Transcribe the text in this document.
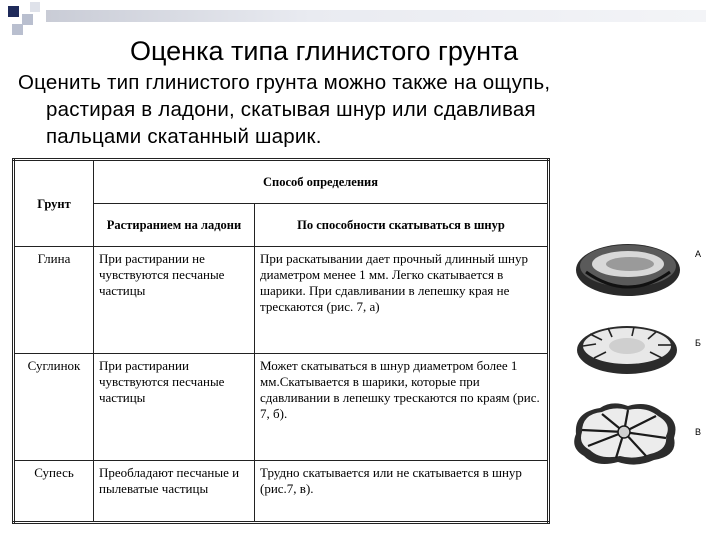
Оценка типа глинистого грунта
Оценить тип глинистого грунта можно также на ощупь,
растирая в ладони, скатывая шнур или сдавливая
пальцами скатанный шарик.
Грунт	Способ определения	
	Растиранием на ладони	По способности скатываться в шнур
Глина	При растирании не чувствуются песчаные частицы	При раскатывании дает прочный длинный шнур диаметром менее 1 мм. Легко скатывается в шарики. При сдавливании в лепешку края не трескаются (рис. 7, а)
Суглинок	При растирании чувствуются песчаные частицы	Может скатываться в шнур диаметром более 1 мм.Скатывается в шарики, которые при сдавливании в лепешку трескаются по краям (рис. 7, б).
Супесь	Преобладают песчаные и пылеватые частицы	Трудно скатывается или не скатывается в шнур (рис.7, в).
А
Б
В
